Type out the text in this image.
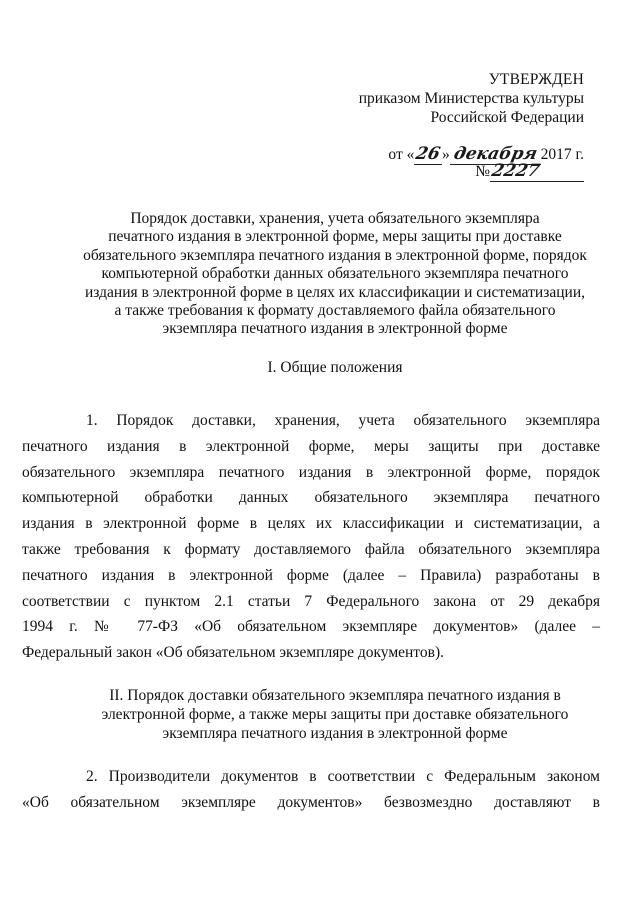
УТВЕРЖДЕН
приказом Министерства культуры
Российской Федерации
от «26» декабря 2017 г.
№2227

Порядок доставки, хранения, учета обязательного экземпляра

печатного издания в электронной форме, меры защиты при доставке

обязательного экземпляра печатного издания в электронной форме, порядок

компьютерной обработки данных обязательного экземпляра печатного

издания в электронной форме в целях их классификации и систематизации,

а также требования к формату доставляемого файла обязательного

экземпляра печатного издания в электронной форме

I. Общие положения

1. Порядок доставки, хранения, учета обязательного экземпляра

печатного издания в электронной форме, меры защиты при доставке

обязательного экземпляра печатного издания в электронной форме, порядок

компьютерной обработки данных обязательного экземпляра печатного

издания в электронной форме в целях их классификации и систематизации, а

также требования к формату доставляемого файла обязательного экземпляра

печатного издания в электронной форме (далее – Правила) разработаны в

соответствии с пунктом 2.1 статьи 7 Федерального закона от 29 декабря

1994 г. № 77-ФЗ «Об обязательном экземпляре документов» (далее –

Федеральный закон «Об обязательном экземпляре документов).

II. Порядок доставки обязательного экземпляра печатного издания в

электронной форме, а также меры защиты при доставке обязательного

экземпляра печатного издания в электронной форме

2. Производители документов в соответствии с Федеральным законом

«Об обязательном экземпляре документов» безвозмездно доставляют в
